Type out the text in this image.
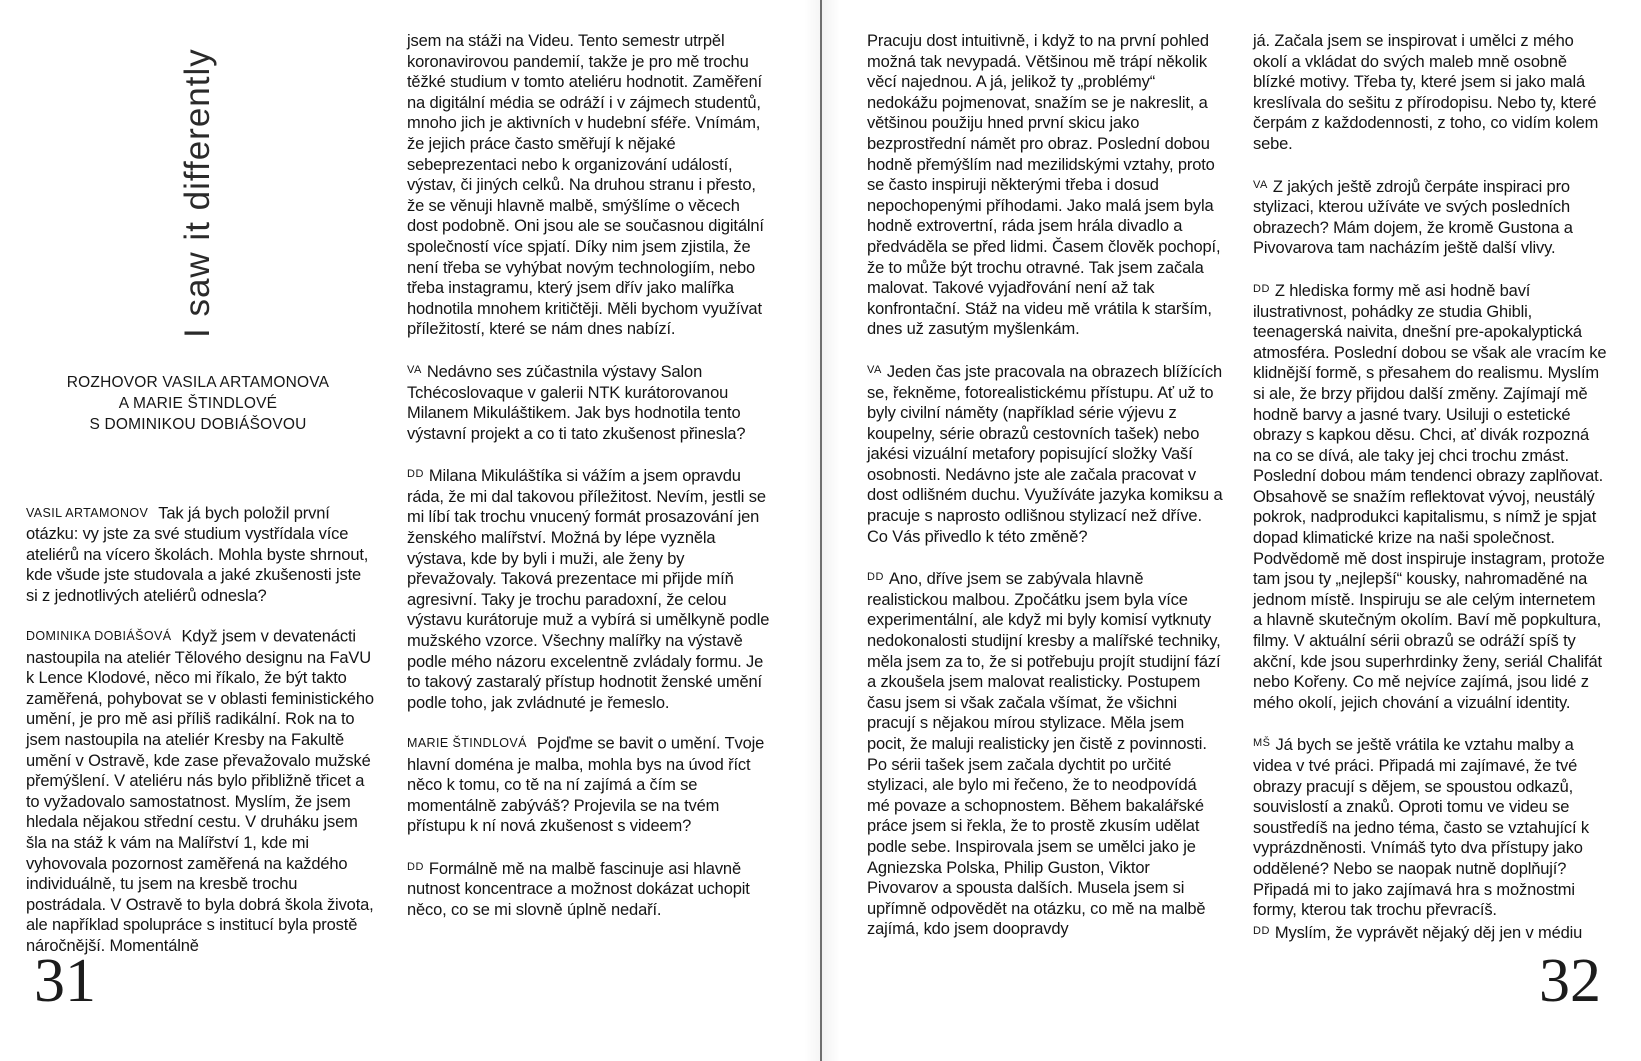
I saw it differently
ROZHOVOR VASILA ARTAMONOVA
A MARIE ŠTINDLOVÉ
S DOMINIKOU DOBIÁŠOVOU

VASIL ARTAMONOV Tak já bych položil první otázku: vy jste za své studium vystřídala více ateliérů na vícero školách. Mohla byste shrnout, kde všude jste studovala a jaké zkušenosti jste si z jednotlivých ateliérů odnesla?

DOMINIKA DOBIÁŠOVÁ Když jsem v devatenácti nastoupila na ateliér Tělového designu na FaVU k Lence Klodové, něco mi říkalo, že být takto zaměřená, pohybovat se v oblasti feministického umění, je pro mě asi příliš radikální. Rok na to jsem nastoupila na ateliér Kresby na Fakultě umění v Ostravě, kde zase převažovalo mužské přemýšlení. V ateliéru nás bylo přibližně třicet a to vyžadovalo samostatnost. Myslím, že jsem hledala nějakou střední cestu. V druháku jsem šla na stáž k vám na Malířství 1, kde mi vyhovovala pozornost zaměřená na každého individuálně, tu jsem na kresbě trochu postrádala. V Ostravě to byla dobrá škola života, ale například spolupráce s institucí byla prostě náročnější. Momentálně

jsem na stáži na Videu. Tento semestr utrpěl koronavirovou pandemií, takže je pro mě trochu těžké studium v tomto ateliéru hodnotit. Zaměření na digitální média se odráží i v zájmech studentů, mnoho jich je aktivních v hudební sféře. Vnímám, že jejich práce často směřují k nějaké sebeprezentaci nebo k organizování událostí, výstav, či jiných celků. Na druhou stranu i přesto, že se věnuji hlavně malbě, smýšlíme o věcech dost podobně. Oni jsou ale se současnou digitální společností více spjatí. Díky nim jsem zjistila, že není třeba se vyhýbat novým technologiím, nebo třeba instagramu, který jsem dřív jako malířka hodnotila mnohem kritičtěji. Měli bychom využívat příležitostí, které se nám dnes nabízí.

$^{VA}$ Nedávno ses zúčastnila výstavy Salon Tchécoslovaque v galerii NTK kurátorovanou Milanem Mikuláštikem. Jak bys hodnotila tento výstavní projekt a co ti tato zkušenost přinesla?

$^{DD}$ Milana Mikuláštíka si vážím a jsem opravdu ráda, že mi dal takovou příležitost. Nevím, jestli se mi líbí tak trochu vnucený formát prosazování jen ženského malířství. Možná by lépe vyzněla výstava, kde by byli i muži, ale ženy by převažovaly. Taková prezentace mi přijde míň agresivní. Taky je trochu paradoxní, že celou výstavu kurátoruje muž a vybírá si umělkyně podle mužského vzorce. Všechny malířky na výstavě podle mého názoru excelentně zvládaly formu. Je to takový zastaralý přístup hodnotit ženské umění podle toho, jak zvládnuté je řemeslo.

MARIE ŠTINDLOVÁ Pojďme se bavit o umění. Tvoje hlavní doména je malba, mohla bys na úvod říct něco k tomu, co tě na ní zajímá a čím se momentálně zabýváš? Projevila se na tvém přístupu k ní nová zkušenost s videem?

$^{DD}$ Formálně mě na malbě fascinuje asi hlavně nutnost koncentrace a možnost dokázat uchopit něco, co se mi slovně úplně nedaří.

31

Pracuju dost intuitivně, i když to na první pohled možná tak nevypadá. Většinou mě trápí několik věcí najednou. A já, jelikož ty „problémy“ nedokážu pojmenovat, snažím se je nakreslit, a většinou použiju hned první skicu jako bezprostřední námět pro obraz. Poslední dobou hodně přemýšlím nad mezilidskými vztahy, proto se často inspiruji některými třeba i dosud nepochopenými příhodami. Jako malá jsem byla hodně extrovertní, ráda jsem hrála divadlo a předváděla se před lidmi. Časem člověk pochopí, že to může být trochu otravné. Tak jsem začala malovat. Takové vyjadřování není až tak konfrontační. Stáž na videu mě vrátila k starším, dnes už zasutým myšlenkám.

$^{VA}$ Jeden čas jste pracovala na obrazech blížících se, řekněme, fotorealistickému přístupu. Ať už to byly civilní náměty (například série výjevu z koupelny, série obrazů cestovních tašek) nebo jakési vizuální metafory popisující složky Vaší osobnosti. Nedávno jste ale začala pracovat v dost odlišném duchu. Využíváte jazyka komiksu a pracuje s naprosto odlišnou stylizací než dříve. Co Vás přivedlo k této změně?

$^{DD}$ Ano, dříve jsem se zabývala hlavně realistickou malbou. Zpočátku jsem byla více experimentální, ale když mi byly komisí vytknuty nedokonalosti studijní kresby a malířské techniky, měla jsem za to, že si potřebuju projít studijní fází a zkoušela jsem malovat realisticky. Postupem času jsem si však začala všímat, že všichni pracují s nějakou mírou stylizace. Měla jsem pocit, že maluji realisticky jen čistě z povinnosti. Po sérii tašek jsem začala dychtit po určité stylizaci, ale bylo mi řečeno, že to neodpovídá mé povaze a schopnostem. Během bakalářské práce jsem si řekla, že to prostě zkusím udělat podle sebe. Inspirovala jsem se umělci jako je Agniezska Polska, Philip Guston, Viktor Pivovarov a spousta dalších. Musela jsem si upřímně odpovědět na otázku, co mě na malbě zajímá, kdo jsem doopravdy

já. Začala jsem se inspirovat i umělci z mého okolí a vkládat do svých maleb mně osobně blízké motivy. Třeba ty, které jsem si jako malá kreslívala do sešitu z přírodopisu. Nebo ty, které čerpám z každodennosti, z toho, co vidím kolem sebe.

$^{VA}$ Z jakých ještě zdrojů čerpáte inspiraci pro stylizaci, kterou užíváte ve svých posledních obrazech? Mám dojem, že kromě Gustona a Pivovarova tam nacházím ještě další vlivy.

$^{DD}$ Z hlediska formy mě asi hodně baví ilustrativnost, pohádky ze studia Ghibli, teenagerská naivita, dnešní pre-apokalyptická atmosféra. Poslední dobou se však ale vracím ke klidnější formě, s přesahem do realismu. Myslím si ale, že brzy přijdou další změny. Zajímají mě hodně barvy a jasné tvary. Usiluji o estetické obrazy s kapkou děsu. Chci, ať divák rozpozná na co se dívá, ale taky jej chci trochu zmást. Poslední dobou mám tendenci obrazy zaplňovat. Obsahově se snažím reflektovat vývoj, neustálý pokrok, nadprodukci kapitalismu, s nímž je spjat dopad klimatické krize na naši společnost. Podvědomě mě dost inspiruje instagram, protože tam jsou ty „nejlepší“ kousky, nahromaděné na jednom místě. Inspiruju se ale celým internetem a hlavně skutečným okolím. Baví mě popkultura, filmy. V aktuální sérii obrazů se odráží spíš ty akční, kde jsou superhrdinky ženy, seriál Chalifát nebo Kořeny. Co mě nejvíce zajímá, jsou lidé z mého okolí, jejich chování a vizuální identity.

$^{MŠ}$ Já bych se ještě vrátila ke vztahu malby a videa v tvé práci. Připadá mi zajímavé, že tvé obrazy pracují s dějem, se spoustou odkazů, souvislostí a znaků. Oproti tomu ve videu se soustředíš na jedno téma, často se vztahující k vyprázdněnosti. Vnímáš tyto dva přístupy jako oddělené? Nebo se naopak nutně doplňují? Připadá mi to jako zajímavá hra s možnostmi formy, kterou tak trochu převracíš.

$^{DD}$ Myslím, že vyprávět nějaký děj jen v médiu

32
